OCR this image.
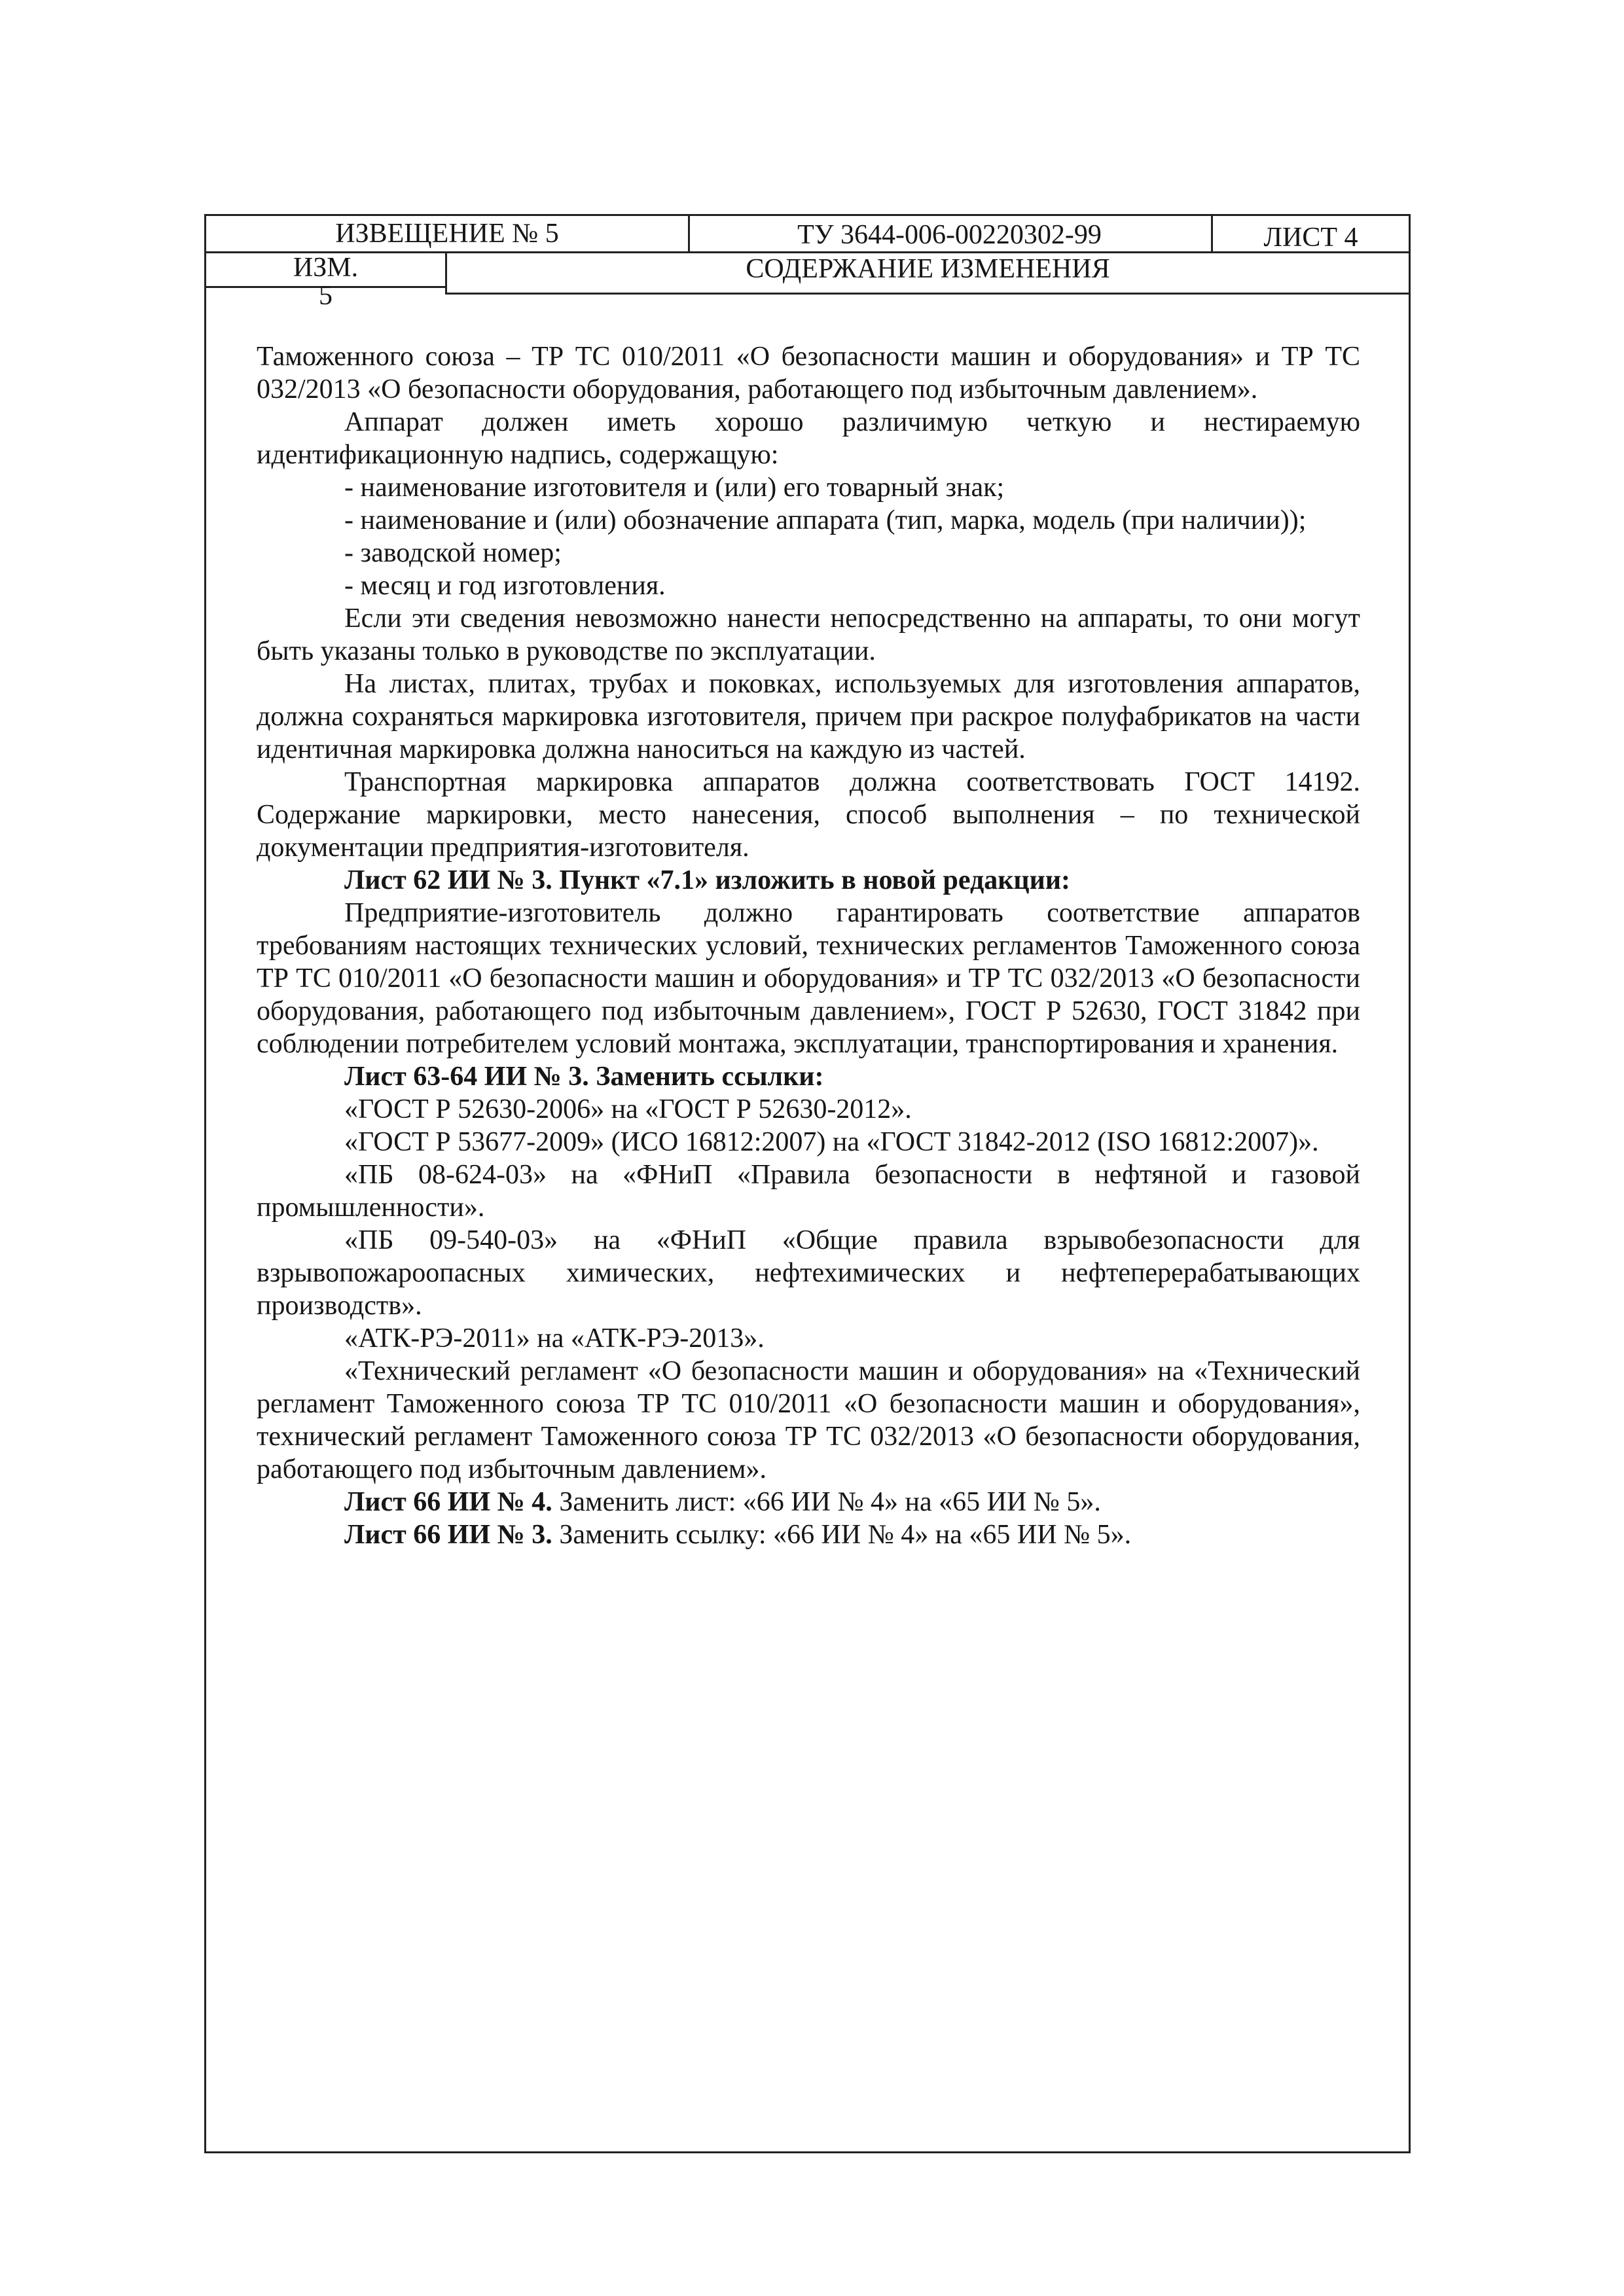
ИЗВЕЩЕНИЕ № 5	ТУ 3644-006-00220302-99	ЛИСТ 4
ИЗМ.	СОДЕРЖАНИЕ ИЗМЕНЕНИЯ
5

Таможенного союза – ТР ТС 010/2011 «О безопасности машин и оборудования» и ТР ТС 032/2013 «О безопасности оборудования, работающего под избыточным давлением».

Аппарат должен иметь хорошо различимую четкую и нестираемую идентификационную надпись, содержащую:

- наименование изготовителя и (или) его товарный знак;

- наименование и (или) обозначение аппарата (тип, марка, модель (при наличии));

- заводской номер;

- месяц и год изготовления.

Если эти сведения невозможно нанести непосредственно на аппараты, то они могут быть указаны только в руководстве по эксплуатации.

На листах, плитах, трубах и поковках, используемых для изготовления аппаратов, должна сохраняться маркировка изготовителя, причем при раскрое полуфабрикатов на части идентичная маркировка должна наноситься на каждую из частей.

Транспортная маркировка аппаратов должна соответствовать ГОСТ 14192. Содержание маркировки, место нанесения, способ выполнения – по технической документации предприятия-изготовителя.

Лист 62 ИИ № 3. Пункт «7.1» изложить в новой редакции:

Предприятие-изготовитель должно гарантировать соответствие аппаратов требованиям настоящих технических условий, технических регламентов Таможенного союза ТР ТС 010/2011 «О безопасности машин и оборудования» и ТР ТС 032/2013 «О безопасности оборудования, работающего под избыточным давлением», ГОСТ Р 52630, ГОСТ 31842 при соблюдении потребителем условий монтажа, эксплуатации, транспортирования и хранения.

Лист 63-64 ИИ № 3. Заменить ссылки:

«ГОСТ Р 52630-2006» на «ГОСТ Р 52630-2012».

«ГОСТ Р 53677-2009» (ИСО 16812:2007) на «ГОСТ 31842-2012 (ISO 16812:2007)».

«ПБ 08-624-03» на «ФНиП «Правила безопасности в нефтяной и газовой промышленности».

«ПБ 09-540-03» на «ФНиП «Общие правила взрывобезопасности для взрывопожароопасных химических, нефтехимических и нефтеперерабатывающих производств».

«АТК-РЭ-2011» на «АТК-РЭ-2013».

«Технический регламент «О безопасности машин и оборудования» на «Технический регламент Таможенного союза ТР ТС 010/2011 «О безопасности машин и оборудования», технический регламент Таможенного союза ТР ТС 032/2013 «О безопасности оборудования, работающего под избыточным давлением».

Лист 66 ИИ № 4. Заменить лист: «66 ИИ № 4» на «65 ИИ № 5».

Лист 66 ИИ № 3. Заменить ссылку: «66 ИИ № 4» на «65 ИИ № 5».
